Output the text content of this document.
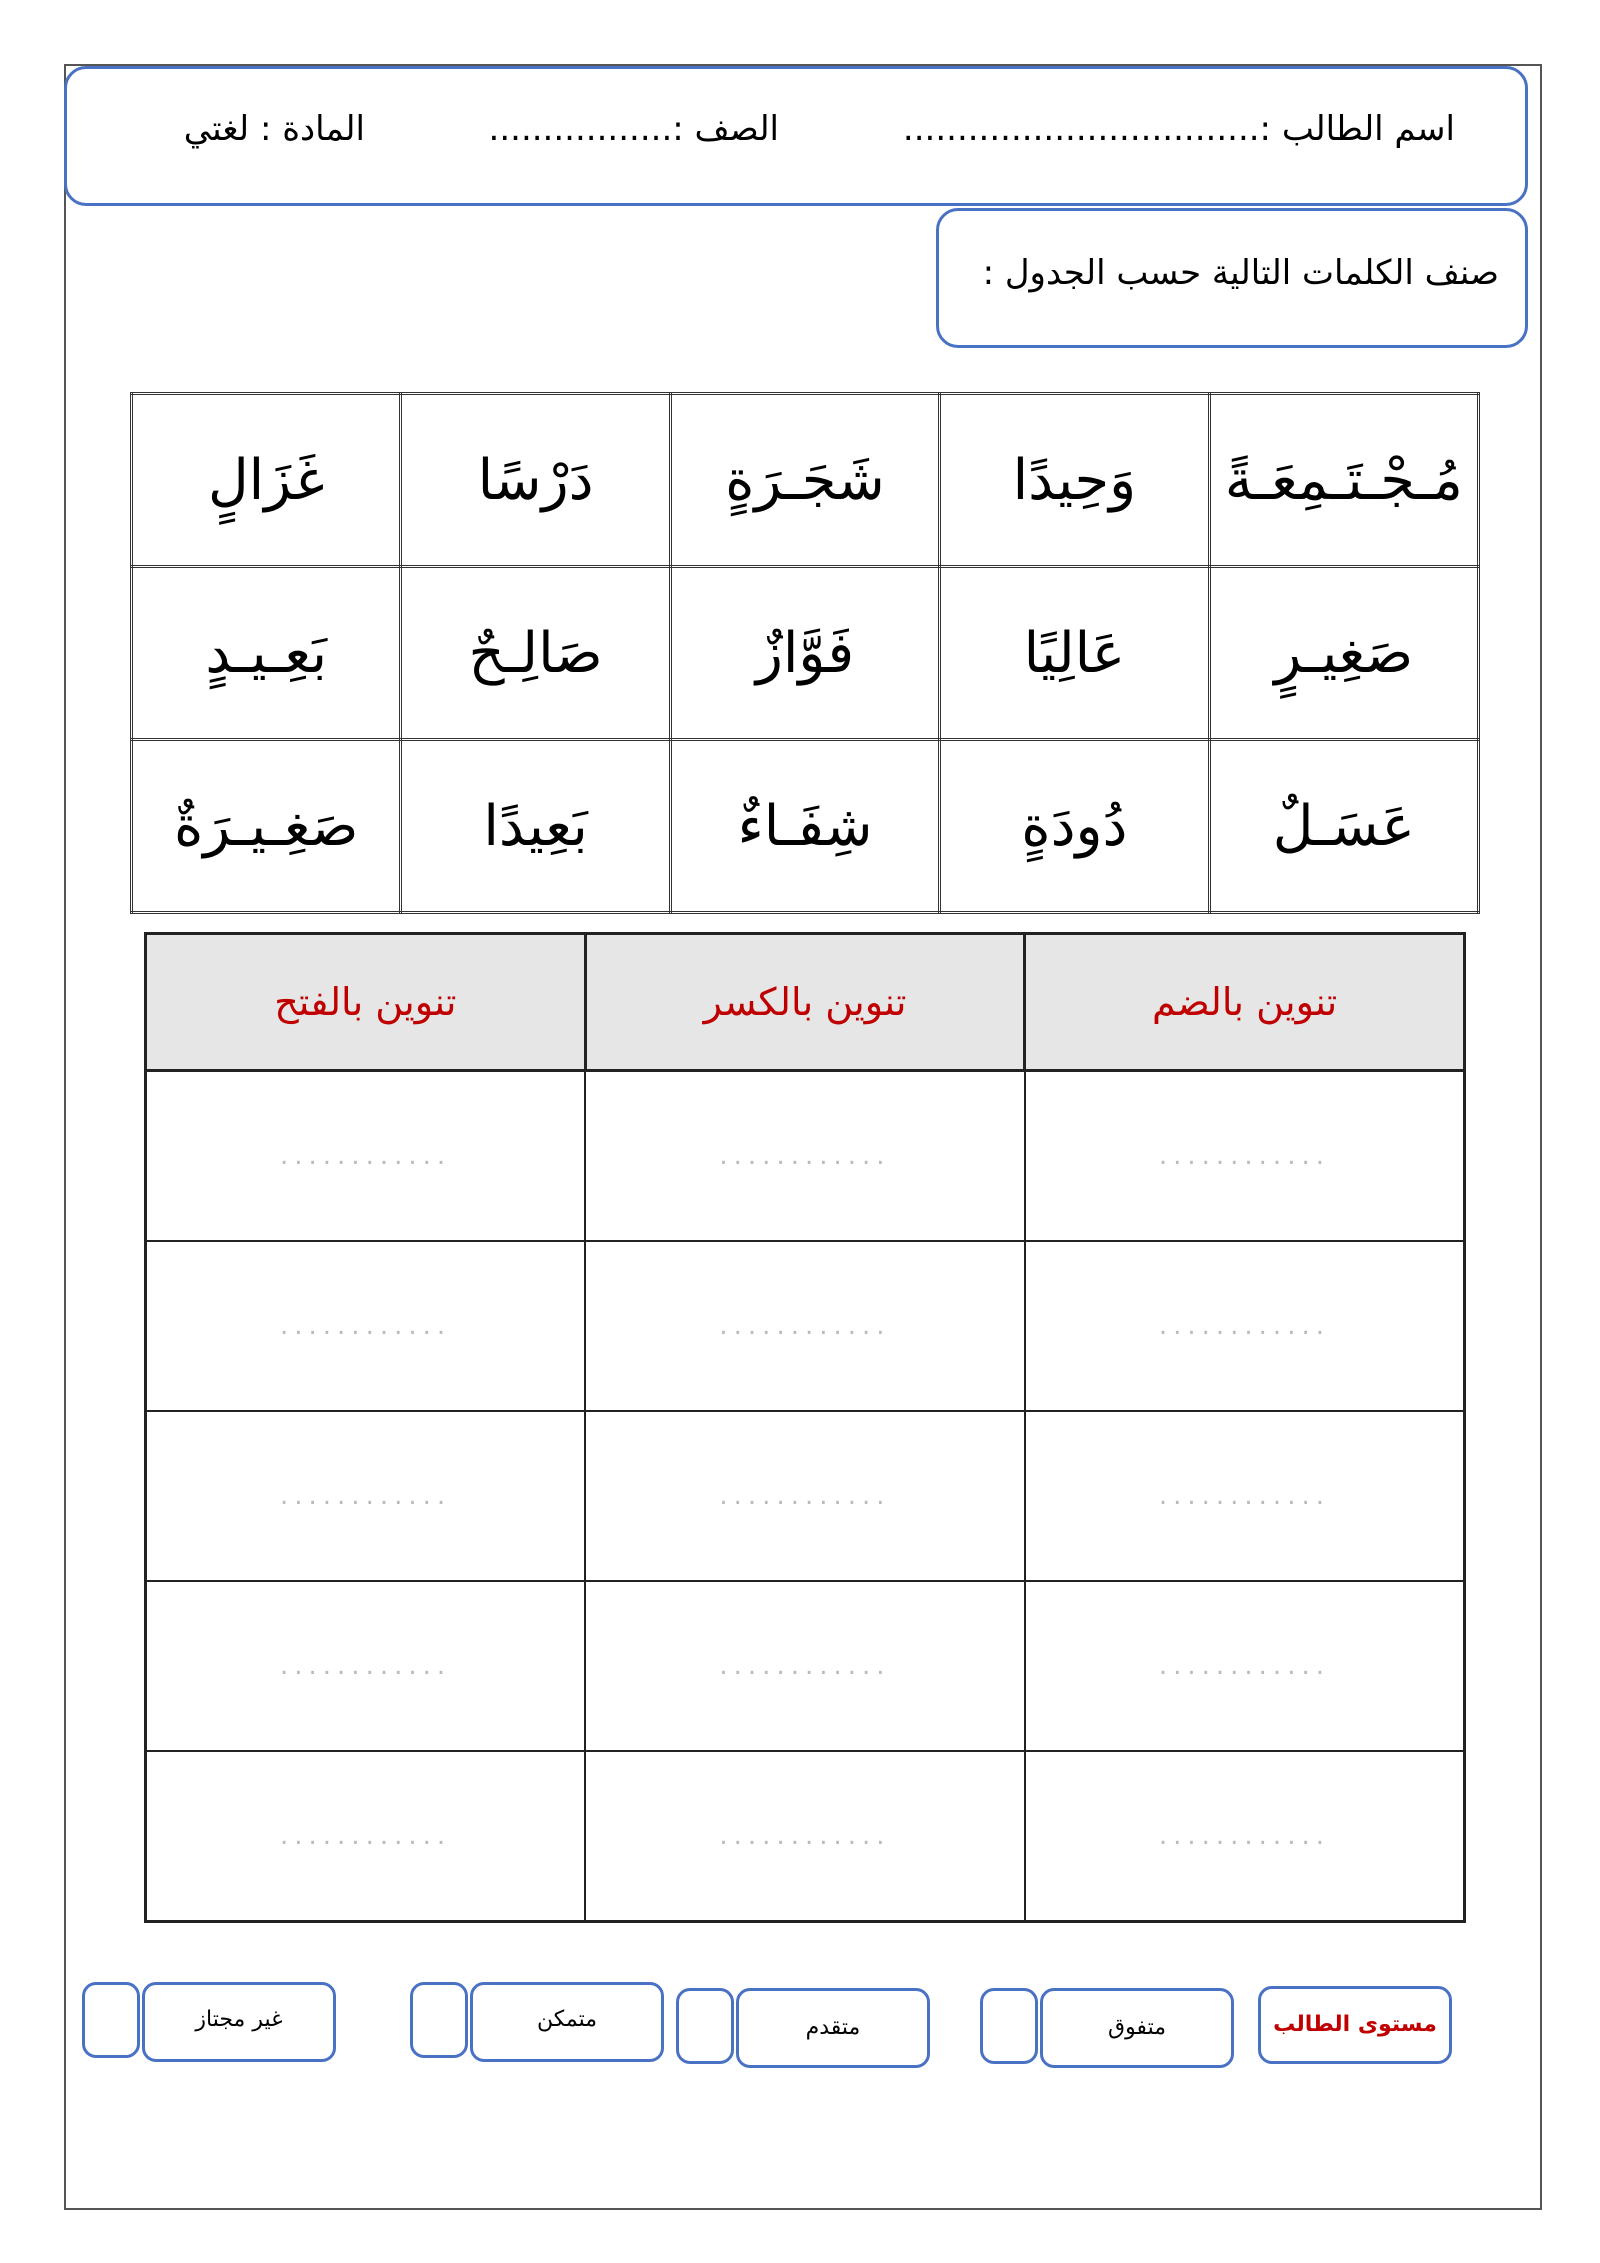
اسم الطالب :.................................
الصف :.................
المادة : لغتي
صنف الكلمات التالية حسب الجدول :
غَزَالٍ	دَرْسًا	شَجَـرَةٍ	وَحِيدًا	مُـجْـتَـمِعَـةً
بَعِـيـدٍ	صَالِـحٌ	فَوَّازٌ	عَالِيًا	صَغِيـرٍ
صَغِـيـرَةٌ	بَعِيدًا	شِفَـاءٌ	دُودَةٍ	عَسَـلٌ
تنوين بالفتح	تنوين بالكسر	تنوين بالضم
............	............	............
............	............	............
............	............	............
............	............	............
............	............	............
مستوى الطالب
متفوق
متقدم
متمكن
غير مجتاز
